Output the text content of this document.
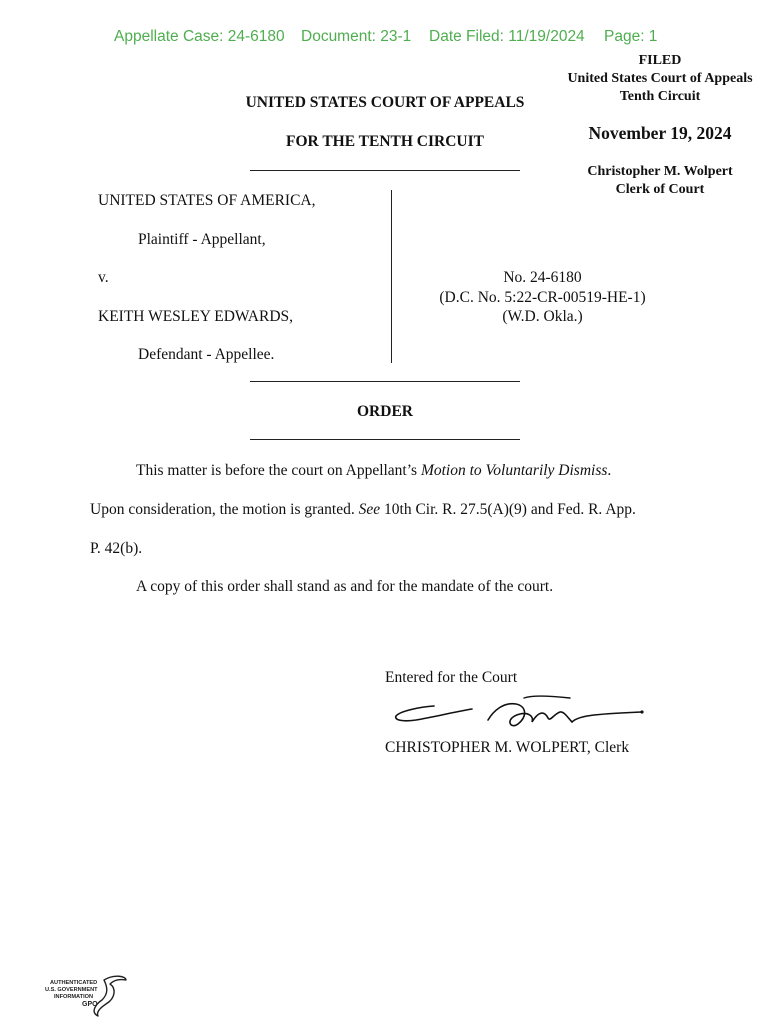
Appellate Case: 24-6180 Document: 23-1 Date Filed: 11/19/2024 Page: 1
FILED
United States Court of Appeals
Tenth Circuit
November 19, 2024
Christopher M. Wolpert
Clerk of Court
UNITED STATES COURT OF APPEALS
FOR THE TENTH CIRCUIT
UNITED STATES OF AMERICA,
Plaintiff - Appellant,
v.
KEITH WESLEY EDWARDS,
Defendant - Appellee.
No. 24-6180
(D.C. No. 5:22-CR-00519-HE-1)
(W.D. Okla.)
ORDER
This matter is before the court on Appellant’s Motion to Voluntarily Dismiss.
Upon consideration, the motion is granted. See 10th Cir. R. 27.5(A)(9) and Fed. R. App.
P. 42(b).
A copy of this order shall stand as and for the mandate of the court.
Entered for the Court
CHRISTOPHER M. WOLPERT, Clerk
AUTHENTICATED
U.S. GOVERNMENT
INFORMATION
GPO
